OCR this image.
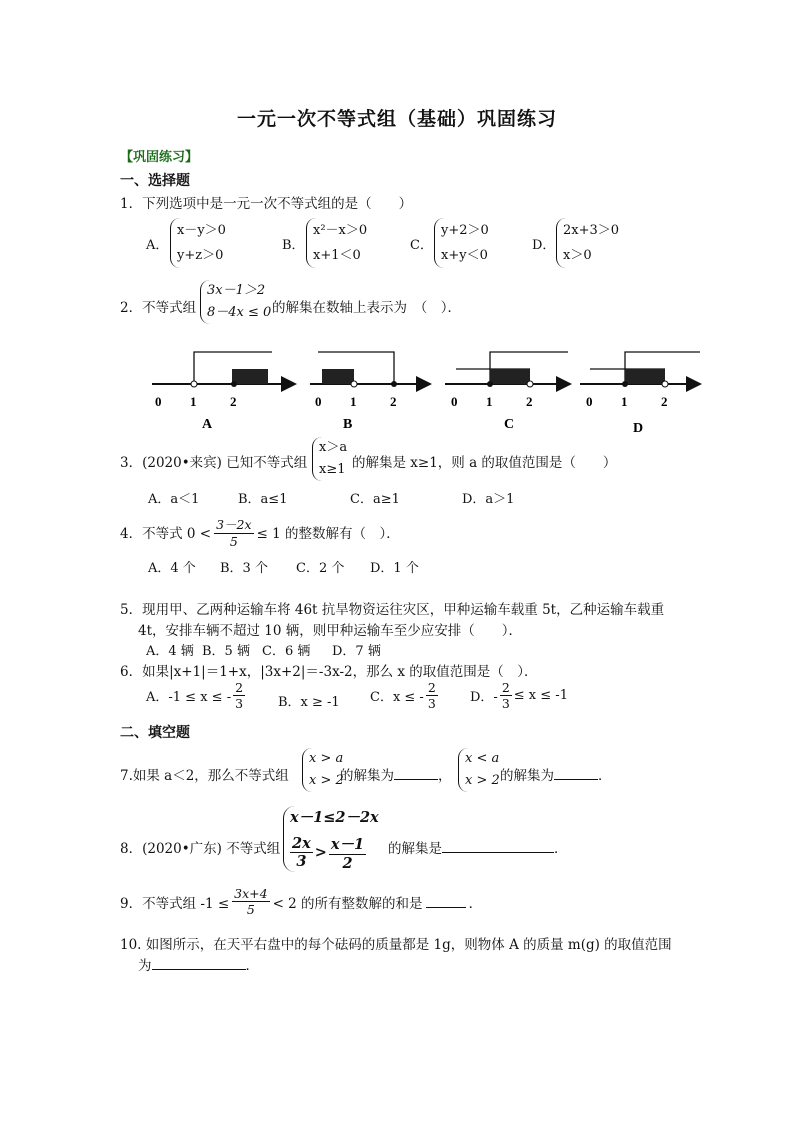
一元一次不等式组（基础）巩固练习
【巩固练习】
一、选择题
1．下列选项中是一元一次不等式组的是（　　）
A．
x－y＞0
y+z＞0
B．
x²－x＞0
x+1＜0
C．
y+2＞0
x+y＜0
D．
2x+3＞0
x＞0
2．不等式组
3x－1＞2
8－4x ≤ 0 的解集在数轴上表示为　（　）．
0 1	2
A
0 1	2
B
0 1	2
C
0 1	2
D
3．(2020•来宾) 已知不等式组
x＞a
x≥1 的解集是 x≥1，则 a 的取值范围是（　　）
A．a＜1	B．a≤1	C．a≥1	D．a＞1
4．不等式 $0 < \frac{3-2x}{5} \le 1$ 的整数解有（　）．
A．4 个 B．3 个 C．2 个 D．1 个
5．现用甲、乙两种运输车将 46t 抗旱物资运往灾区，甲种运输车载重 5t，乙种运输车载重
4t，安排车辆不超过 10 辆，则甲种运输车至少应安排（　　）．
A．4 辆 B．5 辆 C．6 辆 D．7 辆
6．如果|x+1|＝1+x，|3x+2|＝-3x-2，那么 x 的取值范围是（　）．
A．-1 ≤ x ≤ - $\frac{2}{3}$	B．x ≥ -1 C．x ≤ - $\frac{2}{3}$ D．- $\frac{2}{3} \le x \le -1$
二、填空题
7.如果 a＜2，那么不等式组
x > a
x > 2
的解集为	，
x < a
x > 2 的解集为	．
8．(2020•广东) 不等式组
x－1≤2－2x
$\frac{2x}{3} > \frac{x-1}{2}$ 的解集是	．
9．不等式组 $-1 \le \frac{3x+4}{5} < 2$ 的所有整数解的和是	．
10. 如图所示，在天平右盘中的每个砝码的质量都是 1g，则物体 A 的质量 m(g) 的取值范围
为	．
